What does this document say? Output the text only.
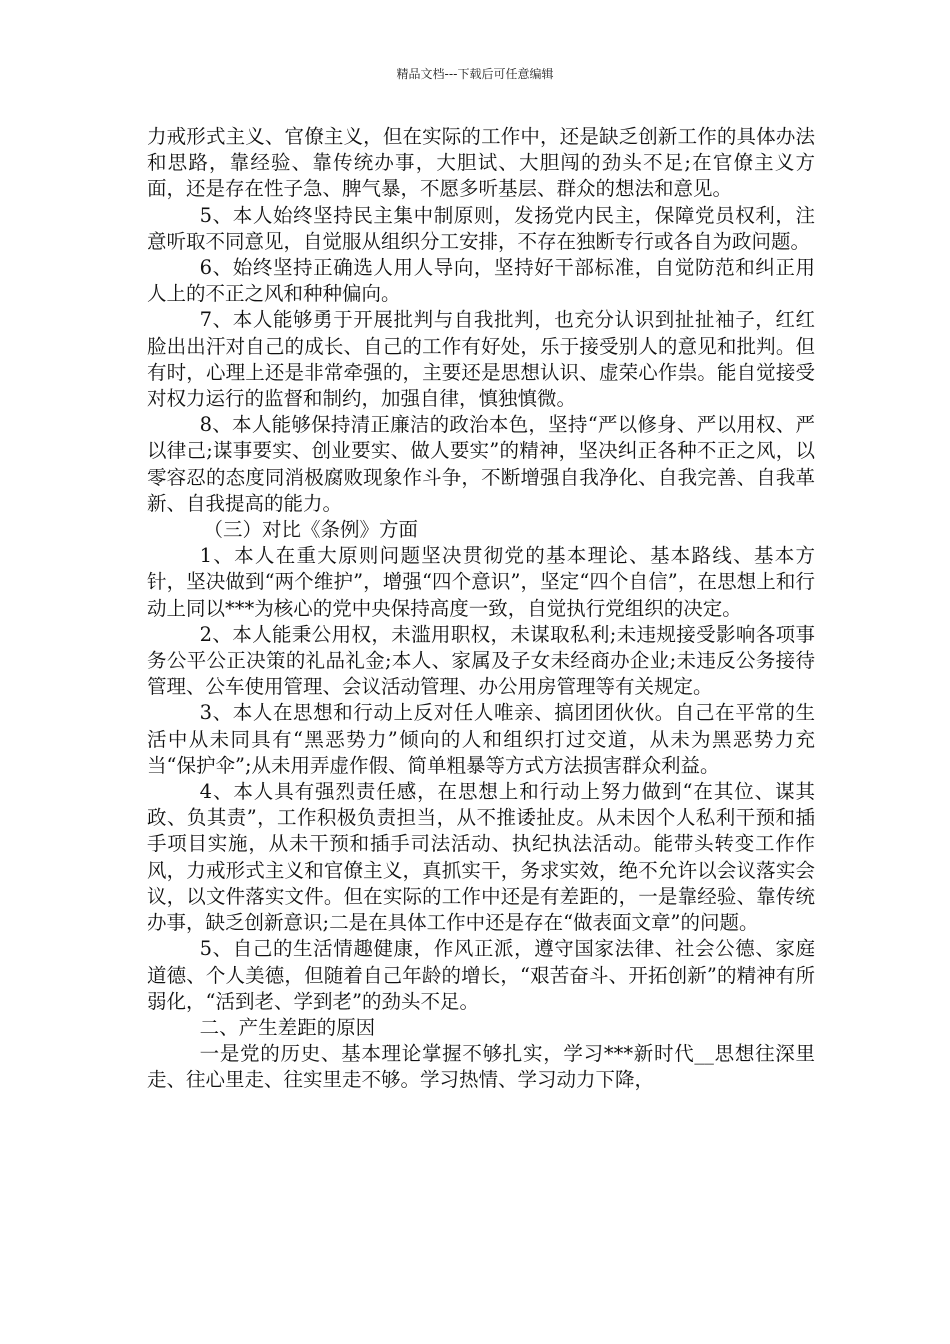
精品文档---下载后可任意编辑

力戒形式主义、官僚主义，但在实际的工作中，还是缺乏创新工作的具体办法和思路，靠经验、靠传统办事，大胆试、大胆闯的劲头不足;在官僚主义方面，还是存在性子急、脾气暴，不愿多听基层、群众的想法和意见。

5、本人始终坚持民主集中制原则，发扬党内民主，保障党员权利，注意听取不同意见，自觉服从组织分工安排，不存在独断专行或各自为政问题。

6、始终坚持正确选人用人导向，坚持好干部标准，自觉防范和纠正用人上的不正之风和种种偏向。

7、本人能够勇于开展批判与自我批判，也充分认识到扯扯袖子，红红脸出出汗对自己的成长、自己的工作有好处，乐于接受别人的意见和批判。但有时，心理上还是非常牵强的，主要还是思想认识、虚荣心作祟。能自觉接受对权力运行的监督和制约，加强自律，慎独慎微。

8、本人能够保持清正廉洁的政治本色，坚持“严以修身、严以用权、严以律己;谋事要实、创业要实、做人要实”的精神，坚决纠正各种不正之风，以零容忍的态度同消极腐败现象作斗争，不断增强自我净化、自我完善、自我革新、自我提高的能力。

（三）对比《条例》方面

1、本人在重大原则问题坚决贯彻党的基本理论、基本路线、基本方针，坚决做到“两个维护”，增强“四个意识”，坚定“四个自信”，在思想上和行动上同以***为核心的党中央保持高度一致，自觉执行党组织的决定。

2、本人能秉公用权，未滥用职权，未谋取私利;未违规接受影响各项事务公平公正决策的礼品礼金;本人、家属及子女未经商办企业;未违反公务接待管理、公车使用管理、会议活动管理、办公用房管理等有关规定。

3、本人在思想和行动上反对任人唯亲、搞团团伙伙。自己在平常的生活中从未同具有“黑恶势力”倾向的人和组织打过交道，从未为黑恶势力充当“保护伞”;从未用弄虚作假、简单粗暴等方式方法损害群众利益。

4、本人具有强烈责任感，在思想上和行动上努力做到“在其位、谋其政、负其责”，工作积极负责担当，从不推诿扯皮。从未因个人私利干预和插手项目实施，从未干预和插手司法活动、执纪执法活动。能带头转变工作作风，力戒形式主义和官僚主义，真抓实干，务求实效，绝不允许以会议落实会议，以文件落实文件。但在实际的工作中还是有差距的，一是靠经验、靠传统办事，缺乏创新意识;二是在具体工作中还是存在“做表面文章”的问题。

5、自己的生活情趣健康，作风正派，遵守国家法律、社会公德、家庭道德、个人美德，但随着自己年龄的增长，“艰苦奋斗、开拓创新”的精神有所弱化，“活到老、学到老”的劲头不足。

二、产生差距的原因

一是党的历史、基本理论掌握不够扎实，学习***新时代__思想往深里走、往心里走、往实里走不够。学习热情、学习动力下降，
